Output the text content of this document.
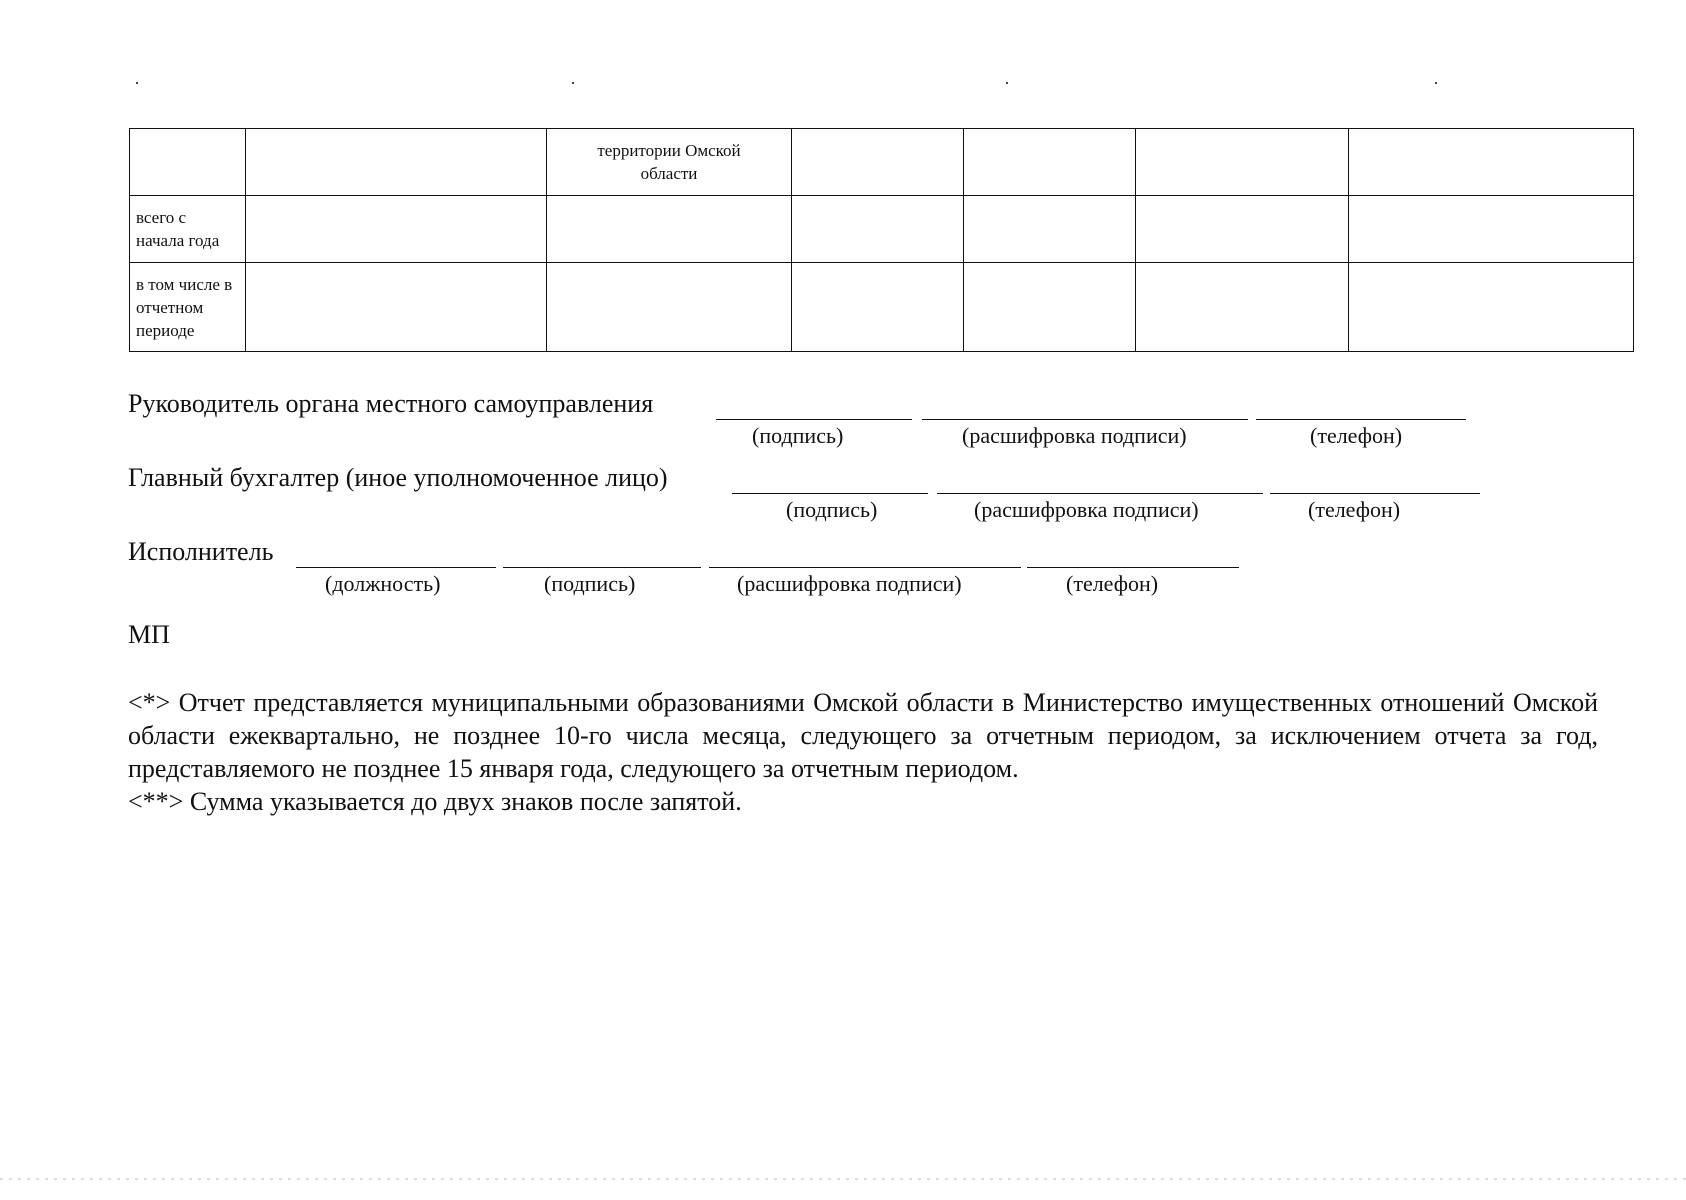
		территории Омской области				

всего с начала года						

в том числе в отчетном периоде						

Руководитель органа местного самоуправления
(подпись)	(расшифровка подписи)	(телефон)
Главный бухгалтер (иное уполномоченное лицо)
(подпись)	(расшифровка подписи)	(телефон)
Исполнитель
(должность)	(подпись)	(расшифровка подписи)	(телефон)
МП

<*> Отчет представляется муниципальными образованиями Омской области в Министерство имущественных отношений Омской области ежеквартально, не позднее 10-го числа месяца, следующего за отчетным периодом, за исключением отчета за год, представляемого не позднее 15 января года, следующего за отчетным периодом.

<**> Сумма указывается до двух знаков после запятой.
